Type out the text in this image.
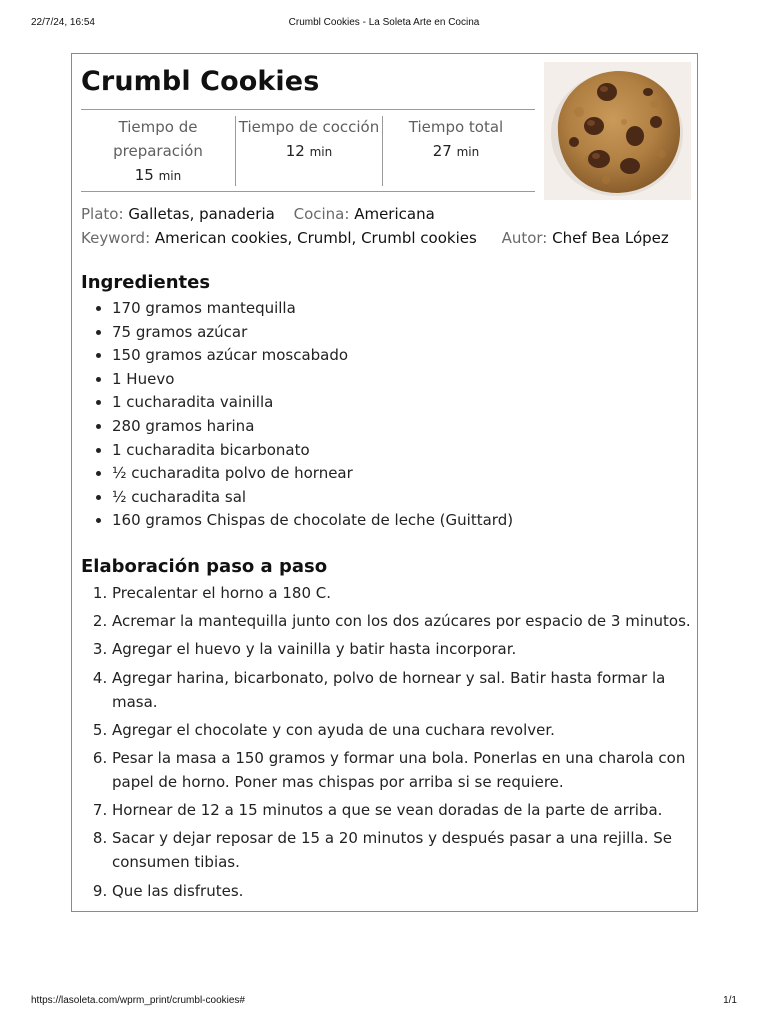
22/7/24, 16:54	Crumbl Cookies - La Soleta Arte en Cocina
Crumbl Cookies
Tiempo de preparación
15 min
Tiempo de cocción
12 min
Tiempo total
27 min
Plato: Galletas, panaderia Cocina: Americana
Keyword: American cookies, Crumbl, Crumbl cookies Autor: Chef Bea López
Ingredientes
• 170 gramos mantequilla
• 75 gramos azúcar
• 150 gramos azúcar moscabado
• 1 Huevo
• 1 cucharadita vainilla
• 280 gramos harina
• 1 cucharadita bicarbonato
• ½ cucharadita polvo de hornear
• ½ cucharadita sal
• 160 gramos Chispas de chocolate de leche (Guittard)
Elaboración paso a paso
1. Precalentar el horno a 180 C.
2. Acremar la mantequilla junto con los dos azúcares por espacio de 3 minutos.
3. Agregar el huevo y la vainilla y batir hasta incorporar.
4. Agregar harina, bicarbonato, polvo de hornear y sal. Batir hasta formar la masa.
5. Agregar el chocolate y con ayuda de una cuchara revolver.
6. Pesar la masa a 150 gramos y formar una bola. Ponerlas en una charola con papel de horno. Poner mas chispas por arriba si se requiere.
7. Hornear de 12 a 15 minutos a que se vean doradas de la parte de arriba.
8. Sacar y dejar reposar de 15 a 20 minutos y después pasar a una rejilla. Se consumen tibias.
9. Que las disfrutes.
https://lasoleta.com/wprm_print/crumbl-cookies#	1/1
